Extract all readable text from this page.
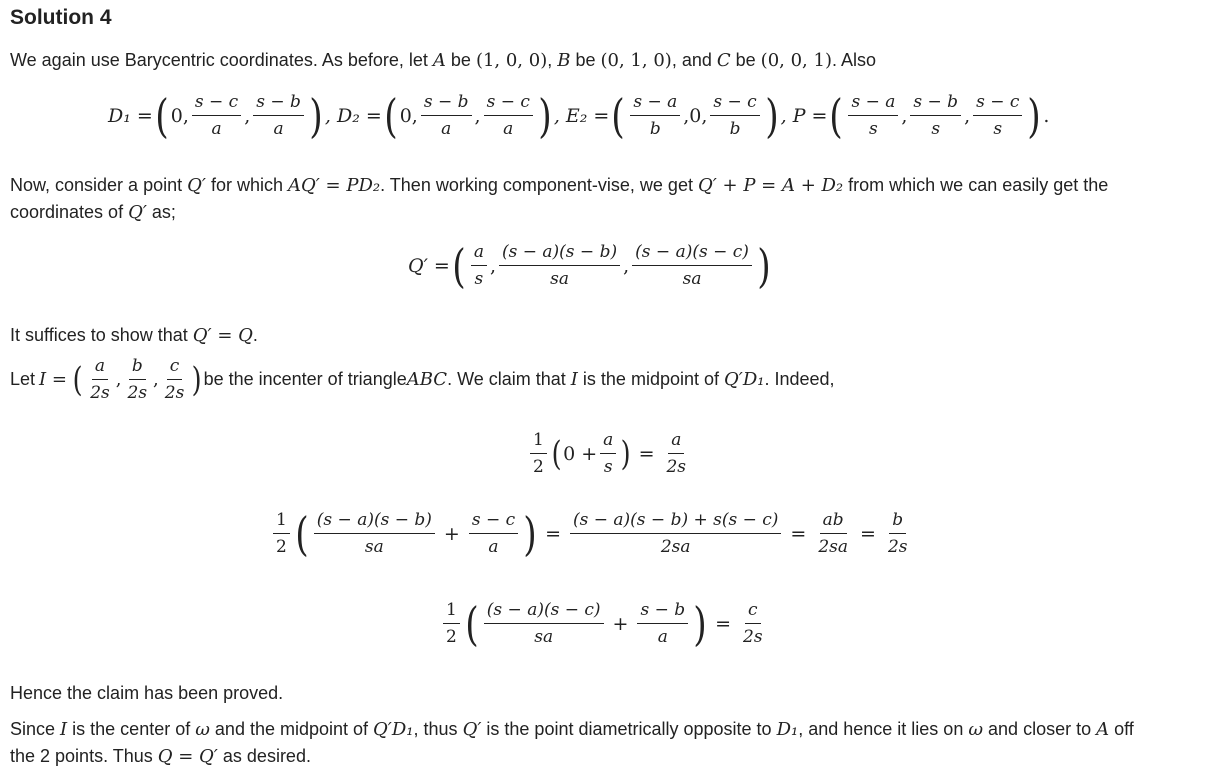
Solution 4
We again use Barycentric coordinates. As before, let A be (1, 0, 0), B be (0, 1, 0), and C be (0, 0, 1). Also
D₁ = ( 0, $\frac{s - c}{a}$ , $\frac{s - b}{a}$ ) , D₂ = ( 0, $\frac{s - b}{a}$ , $\frac{s - c}{a}$ ) , E₂ = ( $\frac{s - a}{b} ,0$, $\frac{s - c}{b}$ ) , P = ( $\frac{s - a}{s}$ , $\frac{s - b}{s}$ , $\frac{s - c}{s}$ ) .
Now, consider a point Q′ for which AQ′ = PD₂. Then working component-vise, we get Q′ + P = A + D₂ from which we can easily get the
coordinates of Q′ as;
Q′ = ( $\frac{a}{s}$ , $\frac{(s - a)(s - b)}{sa}$ , $\frac{(s - a)(s - c)}{sa}$ )
It suffices to show that Q′ = Q.
Let I = ( $\frac{a}{2s}$ , $\frac{b}{2s}$ , $\frac{c}{2s}$ ) be the incenter of triangle ABC . We claim that I is the midpoint of Q′D₁ . Indeed,
$\frac{1}{2}$ ( $0 + \frac{a}{s}$ ) = $\frac{a}{2s}$
$\frac{1}{2}$ ( $\frac{(s - a)(s - b)}{sa} + \frac{s - c}{a}$ ) = $\frac{(s - a)(s - b) + s(s - c)}{2sa} = \frac{ab}{2sa} = \frac{b}{2s}$
$\frac{1}{2}$ ( $\frac{(s - a)(s - c)}{sa} + \frac{s - b}{a}$ ) = $\frac{c}{2s}$
Hence the claim has been proved.
Since I is the center of ω and the midpoint of Q′D₁, thus Q′ is the point diametrically opposite to D₁, and hence it lies on ω and closer to A off
the 2 points. Thus Q = Q′ as desired.
